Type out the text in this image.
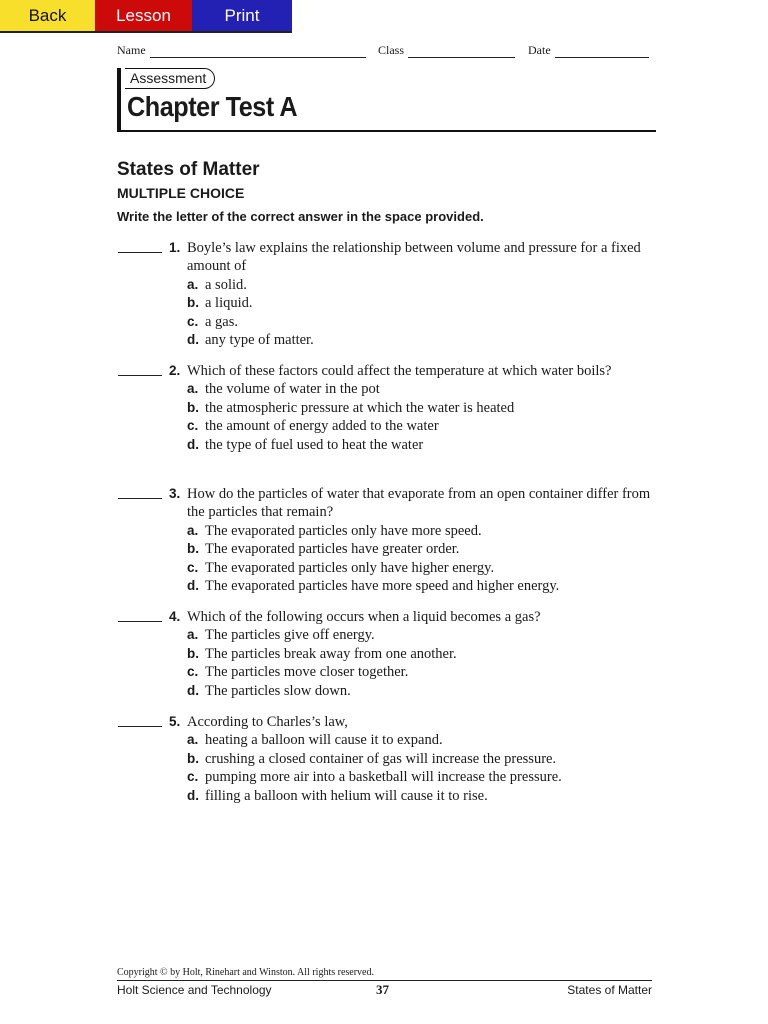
Back	Lesson	Print
Name	Class	Date
Assessment
Chapter Test A
States of Matter
MULTIPLE CHOICE
Write the letter of the correct answer in the space provided.
1. Boyle’s law explains the relationship between volume and pressure for a fixed amount of
a. a solid.
b. a liquid.
c. a gas.
d. any type of matter.
2. Which of these factors could affect the temperature at which water boils?
a. the volume of water in the pot
b. the atmospheric pressure at which the water is heated
c. the amount of energy added to the water
d. the type of fuel used to heat the water
3. How do the particles of water that evaporate from an open container differ from the particles that remain?
a. The evaporated particles only have more speed.
b. The evaporated particles have greater order.
c. The evaporated particles only have higher energy.
d. The evaporated particles have more speed and higher energy.
4. Which of the following occurs when a liquid becomes a gas?
a. The particles give off energy.
b. The particles break away from one another.
c. The particles move closer together.
d. The particles slow down.
5. According to Charles’s law,
a. heating a balloon will cause it to expand.
b. crushing a closed container of gas will increase the pressure.
c. pumping more air into a basketball will increase the pressure.
d. filling a balloon with helium will cause it to rise.
Copyright © by Holt, Rinehart and Winston. All rights reserved.
Holt Science and Technology	37	States of Matter
